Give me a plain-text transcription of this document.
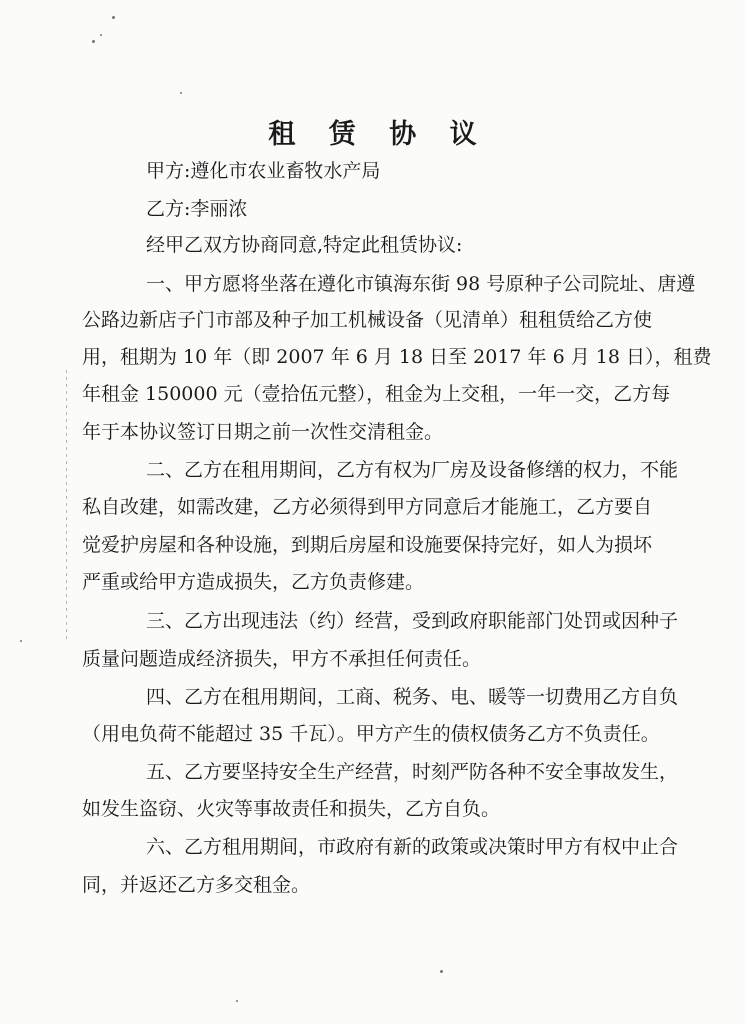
租 赁 协 议
甲方:遵化市农业畜牧水产局
乙方:李丽浓
经甲乙双方协商同意,特定此租赁协议:
一、甲方愿将坐落在遵化市镇海东街 98 号原种子公司院址、唐遵
公路边新店子门市部及种子加工机械设备（见清单）租租赁给乙方使
用，租期为 10 年（即 2007 年 6 月 18 日至 2017 年 6 月 18 日），租费
年租金 150000 元（壹拾伍元整），租金为上交租，一年一交，乙方每
年于本协议签订日期之前一次性交清租金。
二、乙方在租用期间，乙方有权为厂房及设备修缮的权力，不能
私自改建，如需改建，乙方必须得到甲方同意后才能施工，乙方要自
觉爱护房屋和各种设施，到期后房屋和设施要保持完好，如人为损坏
严重或给甲方造成损失，乙方负责修建。
三、乙方出现违法（约）经营，受到政府职能部门处罚或因种子
质量问题造成经济损失，甲方不承担任何责任。
四、乙方在租用期间，工商、税务、电、暖等一切费用乙方自负
（用电负荷不能超过 35 千瓦）。甲方产生的债权债务乙方不负责任。
五、乙方要坚持安全生产经营，时刻严防各种不安全事故发生，
如发生盗窃、火灾等事故责任和损失，乙方自负。
六、乙方租用期间，市政府有新的政策或决策时甲方有权中止合
同，并返还乙方多交租金。
